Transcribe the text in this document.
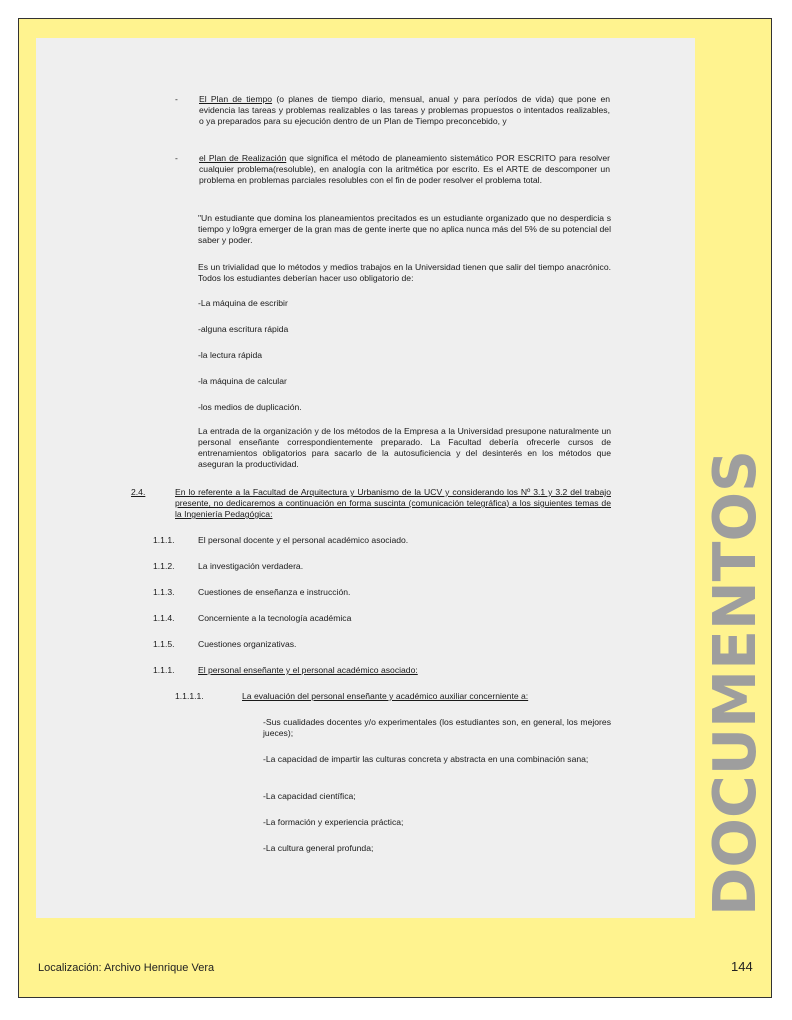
DOCUMENTOS
- El Plan de tiempo (o planes de tiempo diario, mensual, anual y para períodos de vida) que pone en evidencia las tareas y problemas realizables o las tareas y problemas propuestos o intentados realizables, o ya preparados para su ejecución dentro de un Plan de Tiempo preconcebido, y

- el Plan de Realización que significa el método de planeamiento sistemático POR ESCRITO para resolver cualquier problema(resoluble), en analogía con la aritmética por escrito. Es el ARTE de descomponer un problema en problemas parciales resolubles con el fin de poder resolver el problema total.

"Un estudiante que domina los planeamientos precitados es un estudiante organizado que no desperdicia s tiempo y lo9gra emerger de la gran mas de gente inerte que no aplica nunca más del 5% de su potencial del saber y poder.

Es un trivialidad que lo métodos y medios trabajos en la Universidad tienen que salir del tiempo anacrónico. Todos los estudiantes deberían hacer uso obligatorio de:

-La máquina de escribir
-alguna escritura rápida
-la lectura rápida
-la máquina de calcular
-los medios de duplicación.

La entrada de la organización y de los métodos de la Empresa a la Universidad presupone naturalmente un personal enseñante correspondientemente preparado. La Facultad debería ofrecerle cursos de entrenamientos obligatorios para sacarlo de la autosuficiencia y del desinterés en los métodos que aseguran la productividad.

2.4.	En lo referente a la Facultad de Arquitectura y Urbanismo de la UCV y considerando los Nº 3.1 y 3.2 del trabajo presente, no dedicaremos a continuación en forma suscinta (comunicación telegráfica) a los siguientes temas de la Ingeniería Pedagógica:

1.1.1.	El personal docente y el personal académico asociado.
1.1.2.	La investigación verdadera.
1.1.3.	Cuestiones de enseñanza e instrucción.
1.1.4.	Concerniente a la tecnología académica
1.1.5.	Cuestiones organizativas.
1.1.1.	El personal enseñante y el personal académico asociado:
1.1.1.1.	La evaluación del personal enseñante y académico auxiliar concerniente a:

-Sus cualidades docentes y/o experimentales (los estudiantes son, en general, los mejores jueces);

-La capacidad de impartir las culturas concreta y abstracta en una combinación sana;

-La capacidad científica;

-La formación y experiencia práctica;

-La cultura general profunda;

Localización: Archivo Henrique Vera	144
